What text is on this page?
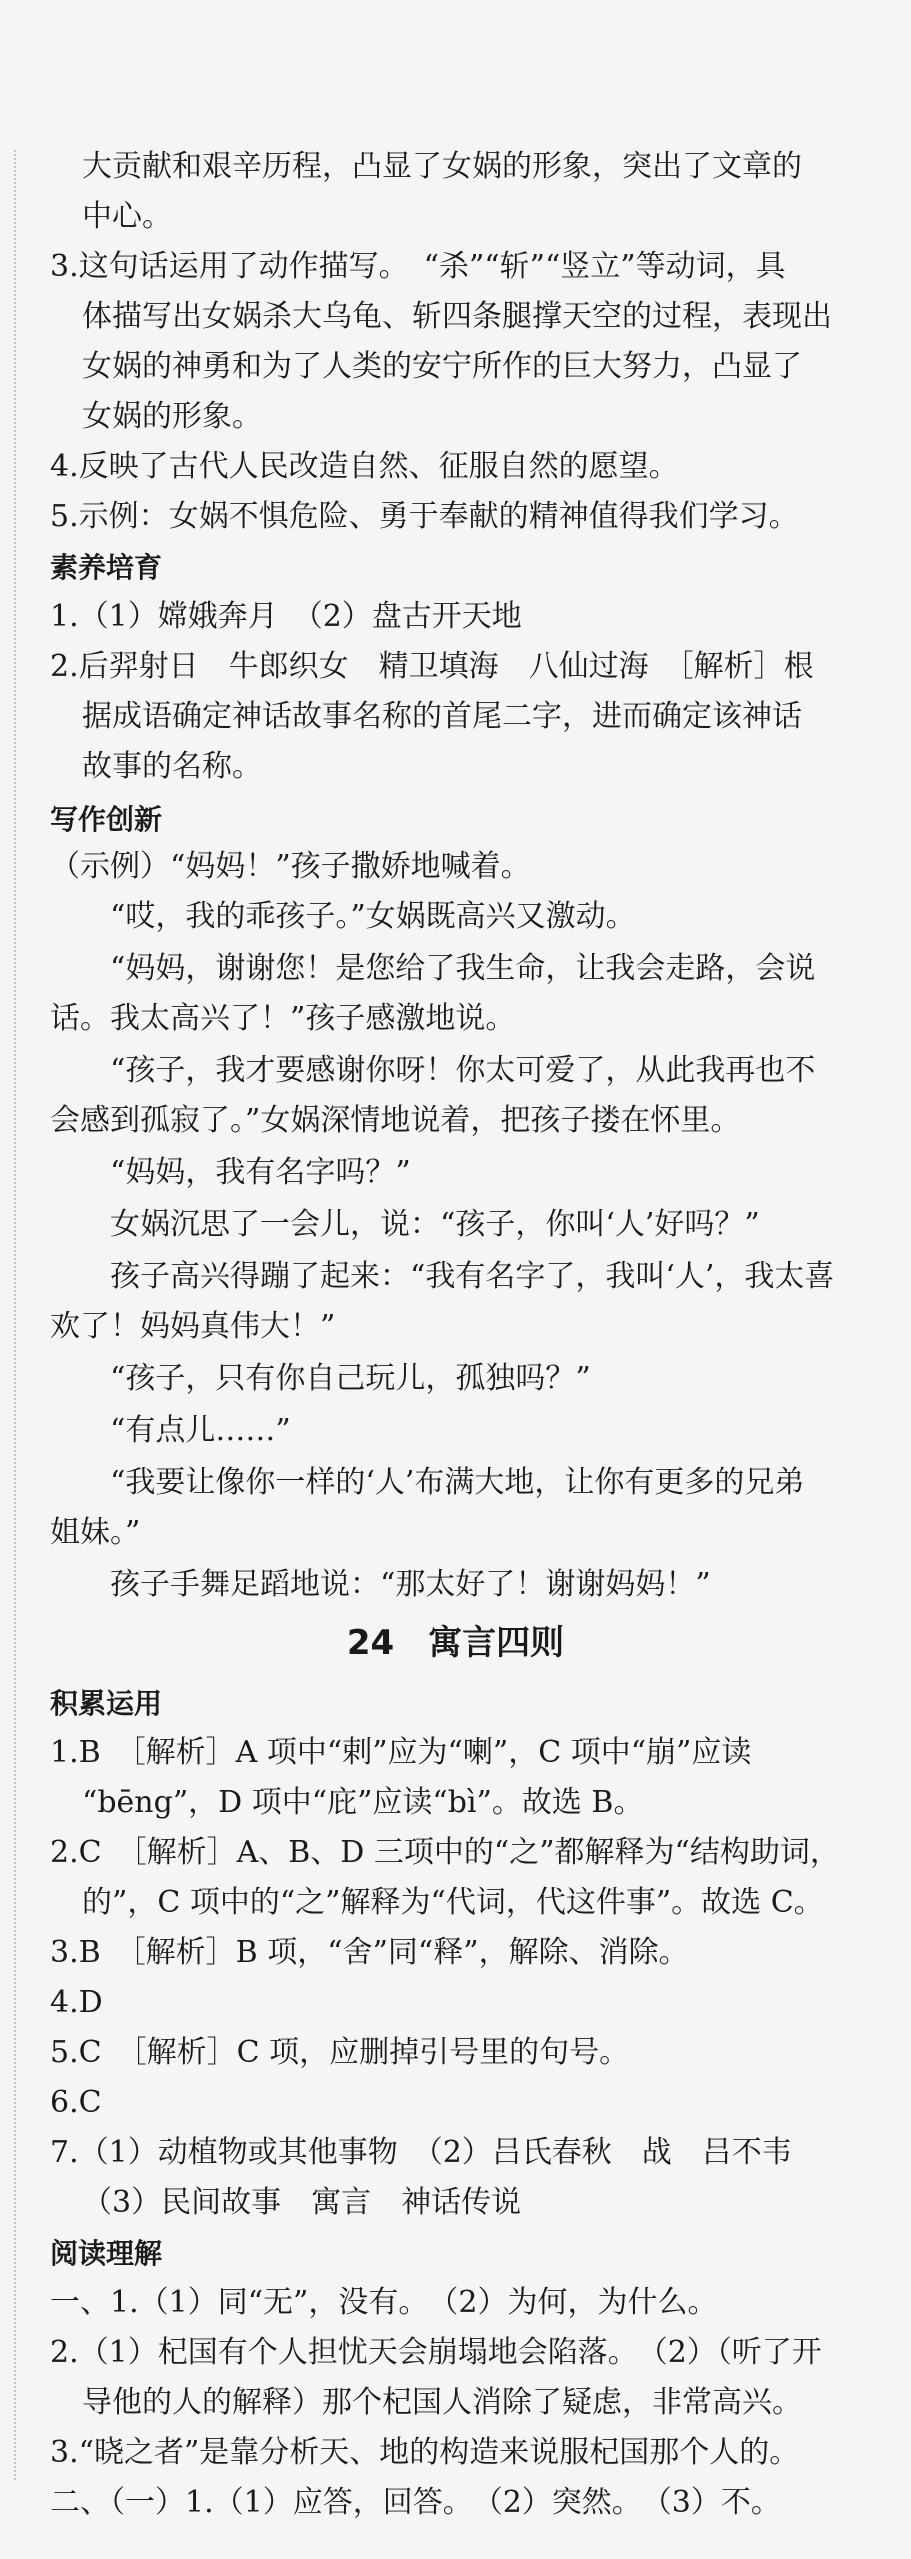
大贡献和艰辛历程，凸显了女娲的形象，突出了文章的
中心。
3.这句话运用了动作描写。　“杀”“斩”“竖立”等动词，具
体描写出女娲杀大乌龟、斩四条腿撑天空的过程，表现出
女娲的神勇和为了人类的安宁所作的巨大努力，凸显了
女娲的形象。
4.反映了古代人民改造自然、征服自然的愿望。
5.示例：女娲不惧危险、勇于奉献的精神值得我们学习。
素养培育
1.（1）嫦娥奔月　（2）盘古开天地
2.后羿射日　牛郎织女　精卫填海　八仙过海　［解析］根
据成语确定神话故事名称的首尾二字，进而确定该神话
故事的名称。
写作创新
（示例）“妈妈！”孩子撒娇地喊着。
“哎，我的乖孩子。”女娲既高兴又激动。
“妈妈，谢谢您！是您给了我生命，让我会走路，会说
话。我太高兴了！”孩子感激地说。
“孩子，我才要感谢你呀！你太可爱了，从此我再也不
会感到孤寂了。”女娲深情地说着，把孩子搂在怀里。
“妈妈，我有名字吗？”
女娲沉思了一会儿，说：“孩子，你叫‘人’好吗？”
孩子高兴得蹦了起来：“我有名字了，我叫‘人’，我太喜
欢了！妈妈真伟大！”
“孩子，只有你自己玩儿，孤独吗？”
“有点儿……”
“我要让像你一样的‘人’布满大地，让你有更多的兄弟
姐妹。”
孩子手舞足蹈地说：“那太好了！谢谢妈妈！”
24　寓言四则
积累运用
1.B　［解析］A 项中“剌”应为“喇”，C 项中“崩”应读
“bēng”，D 项中“庇”应读“bì”。故选 B。
2.C　［解析］A、B、D 三项中的“之”都解释为“结构助词，
的”，C 项中的“之”解释为“代词，代这件事”。故选 C。
3.B　［解析］B 项，“舍”同“释”，解除、消除。
4.D
5.C　［解析］C 项，应删掉引号里的句号。
6.C
7.（1）动植物或其他事物　（2）吕氏春秋　战　吕不韦
（3）民间故事　寓言　神话传说
阅读理解
一、1.（1）同“无”，没有。　（2）为何，为什么。
2.（1）杞国有个人担忧天会崩塌地会陷落。　（2）（听了开
导他的人的解释）那个杞国人消除了疑虑，非常高兴。
3.“晓之者”是靠分析天、地的构造来说服杞国那个人的。
二、（一）1.（1）应答，回答。　（2）突然。　（3）不。
